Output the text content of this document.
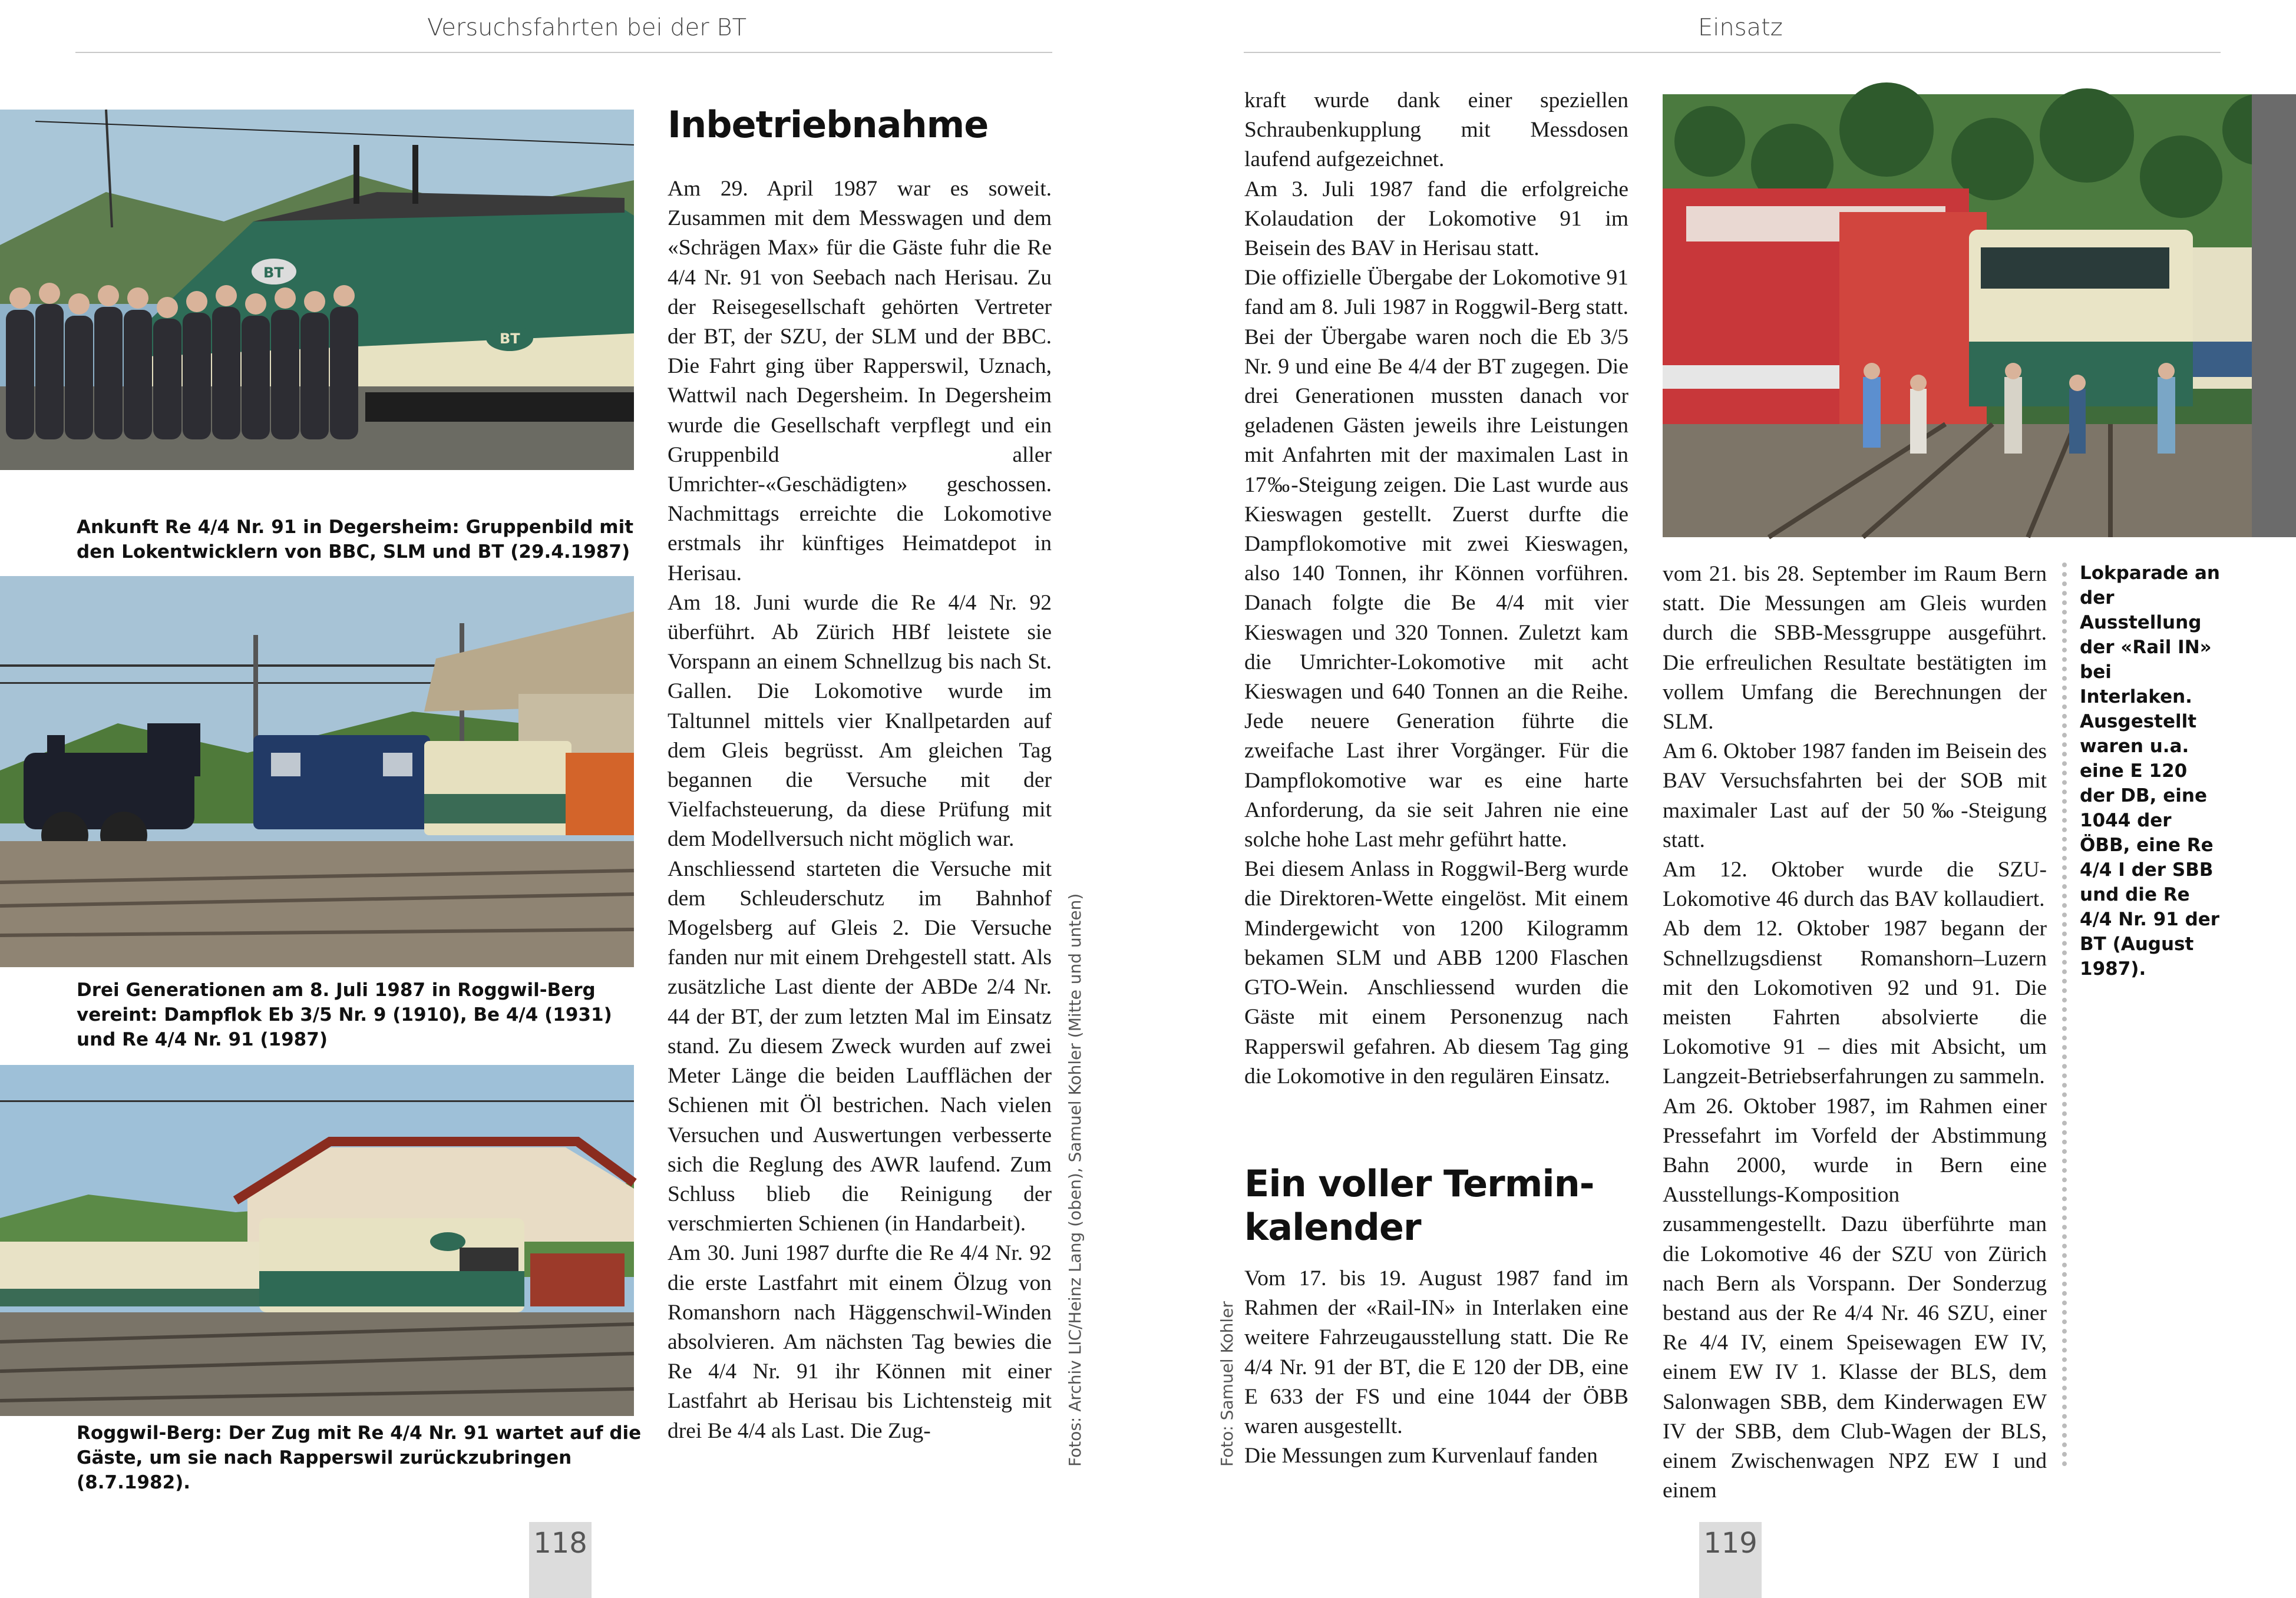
Versuchsfahrten bei der BT
BT
BT
Ankunft Re 4/4 Nr. 91 in Degersheim: Gruppenbild mit den Lokentwicklern von BBC, SLM und BT (29.4.1987)
Drei Generationen am 8. Juli 1987 in Roggwil-Berg vereint: Dampflok Eb 3/5 Nr. 9 (1910), Be 4/4 (1931) und Re 4/4 Nr. 91 (1987)
Roggwil-Berg: Der Zug mit Re 4/4 Nr. 91 wartet auf die Gäste, um sie nach Rapperswil zurückzubringen (8.7.1982).
Inbetriebnahme
Am 29. April 1987 war es soweit. Zusammen mit dem Messwagen und dem «Schrägen Max» für die Gäste fuhr die Re 4/4 Nr. 91 von Seebach nach Herisau. Zu der Reisegesellschaft gehörten Vertreter der BT, der SZU, der SLM und der BBC. Die Fahrt ging über Rapperswil, Uznach, Wattwil nach Degersheim. In Degersheim wurde die Gesellschaft verpflegt und ein Gruppenbild aller Umrichter-«Geschädigten» geschossen. Nachmittags erreichte die Lokomotive erstmals ihr künftiges Heimatdepot in Herisau.
Am 18. Juni wurde die Re 4/4 Nr. 92 überführt. Ab Zürich HBf leistete sie Vorspann an einem Schnellzug bis nach St. Gallen. Die Lokomotive wurde im Taltunnel mittels vier Knallpetarden auf dem Gleis begrüsst. Am gleichen Tag begannen die Versuche mit der Vielfachsteuerung, da diese Prüfung mit dem Modellversuch nicht möglich war.
Anschliessend starteten die Versuche mit dem Schleuderschutz im Bahnhof Mogelsberg auf Gleis 2. Die Versuche fanden nur mit einem Drehgestell statt. Als zusätzliche Last diente der ABDe 2/4 Nr. 44 der BT, der zum letzten Mal im Einsatz stand. Zu diesem Zweck wurden auf zwei Meter Länge die beiden Laufflächen der Schienen mit Öl bestrichen. Nach vielen Versuchen und Auswertungen verbesserte sich die Reglung des AWR laufend. Zum Schluss blieb die Reinigung der verschmierten Schienen (in Handarbeit).
Am 30. Juni 1987 durfte die Re 4/4 Nr. 92 die erste Lastfahrt mit einem Ölzug von Romanshorn nach Häggenschwil-Winden absolvieren. Am nächsten Tag bewies die Re 4/4 Nr. 91 ihr Können mit einer Lastfahrt ab Herisau bis Lichtensteig mit drei Be 4/4 als Last. Die Zug-	Fotos: Archiv LIC/Heinz Lang (oben), Samuel Kohler (Mitte und unten)
118
Einsatz
kraft wurde dank einer speziellen Schraubenkupplung mit Messdosen laufend aufgezeichnet.
Am 3. Juli 1987 fand die erfolgreiche Kolaudation der Lokomotive 91 im Beisein des BAV in Herisau statt.
Die offizielle Übergabe der Lokomotive 91 fand am 8. Juli 1987 in Roggwil-Berg statt. Bei der Übergabe waren noch die Eb 3/5 Nr. 9 und eine Be 4/4 der BT zugegen. Die drei Generationen mussten danach vor geladenen Gästen jeweils ihre Leistungen mit Anfahrten mit der maximalen Last in 17‰-Steigung zeigen. Die Last wurde aus Kieswagen gestellt. Zuerst durfte die Dampflokomotive mit zwei Kieswagen, also 140 Tonnen, ihr Können vorführen. Danach folgte die Be 4/4 mit vier Kieswagen und 320 Tonnen. Zuletzt kam die Umrichter-Lokomotive mit acht Kieswagen und 640 Tonnen an die Reihe. Jede neuere Generation führte die zweifache Last ihrer Vorgänger. Für die Dampflokomotive war es eine harte Anforderung, da sie seit Jahren nie eine solche hohe Last mehr geführt hatte.
Bei diesem Anlass in Roggwil-Berg wurde die Direktoren-Wette eingelöst. Mit einem Mindergewicht von 1200 Kilogramm bekamen SLM und ABB 1200 Flaschen GTO-Wein. Anschliessend wurden die Gäste mit einem Personenzug nach Rapperswil gefahren. Ab diesem Tag ging die Lokomotive in den regulären Einsatz.
Ein voller Termin-
kalender
Vom 17. bis 19. August 1987 fand im Rahmen der «Rail-IN» in Interlaken eine weitere Fahrzeugausstellung statt. Die Re 4/4 Nr. 91 der BT, die E 120 der DB, eine E 633 der FS und eine 1044 der ÖBB waren ausgestellt.
Die Messungen zum Kurvenlauf fanden
Foto: Samuel Kohler
vom 21. bis 28. September im Raum Bern statt. Die Messungen am Gleis wurden durch die SBB-Messgruppe ausgeführt. Die erfreulichen Resultate bestätigten im vollem Umfang die Berechnungen der SLM.
Am 6. Oktober 1987 fanden im Beisein des BAV Versuchsfahrten bei der SOB mit maximaler Last auf der 50‰-Steigung statt.
Am 12. Oktober wurde die SZU-Lokomotive 46 durch das BAV kollaudiert.
Ab dem 12. Oktober 1987 begann der Schnellzugsdienst Romanshorn–Luzern mit den Lokomotiven 92 und 91. Die meisten Fahrten absolvierte die Lokomotive 91 – dies mit Absicht, um Langzeit-Betriebserfahrungen zu sammeln.
Am 26. Oktober 1987, im Rahmen einer Pressefahrt im Vorfeld der Abstimmung Bahn 2000, wurde in Bern eine Ausstellungs-Komposition zusammengestellt. Dazu überführte man die Lokomotive 46 der SZU von Zürich nach Bern als Vorspann. Der Sonderzug bestand aus der Re 4/4 Nr. 46 SZU, einer Re 4/4 IV, einem Speisewagen EW IV, einem EW IV 1. Klasse der BLS, dem Salonwagen SBB, dem Kinderwagen EW IV der SBB, dem Club-Wagen der BLS, einem Zwischenwagen NPZ EW I und einem
Lokparade an der Ausstellung der «Rail IN» bei Interlaken. Ausgestellt waren u.a. eine E 120 der DB, eine 1044 der ÖBB, eine Re 4/4 I der SBB und die Re 4/4 Nr. 91 der BT (August 1987).
119
